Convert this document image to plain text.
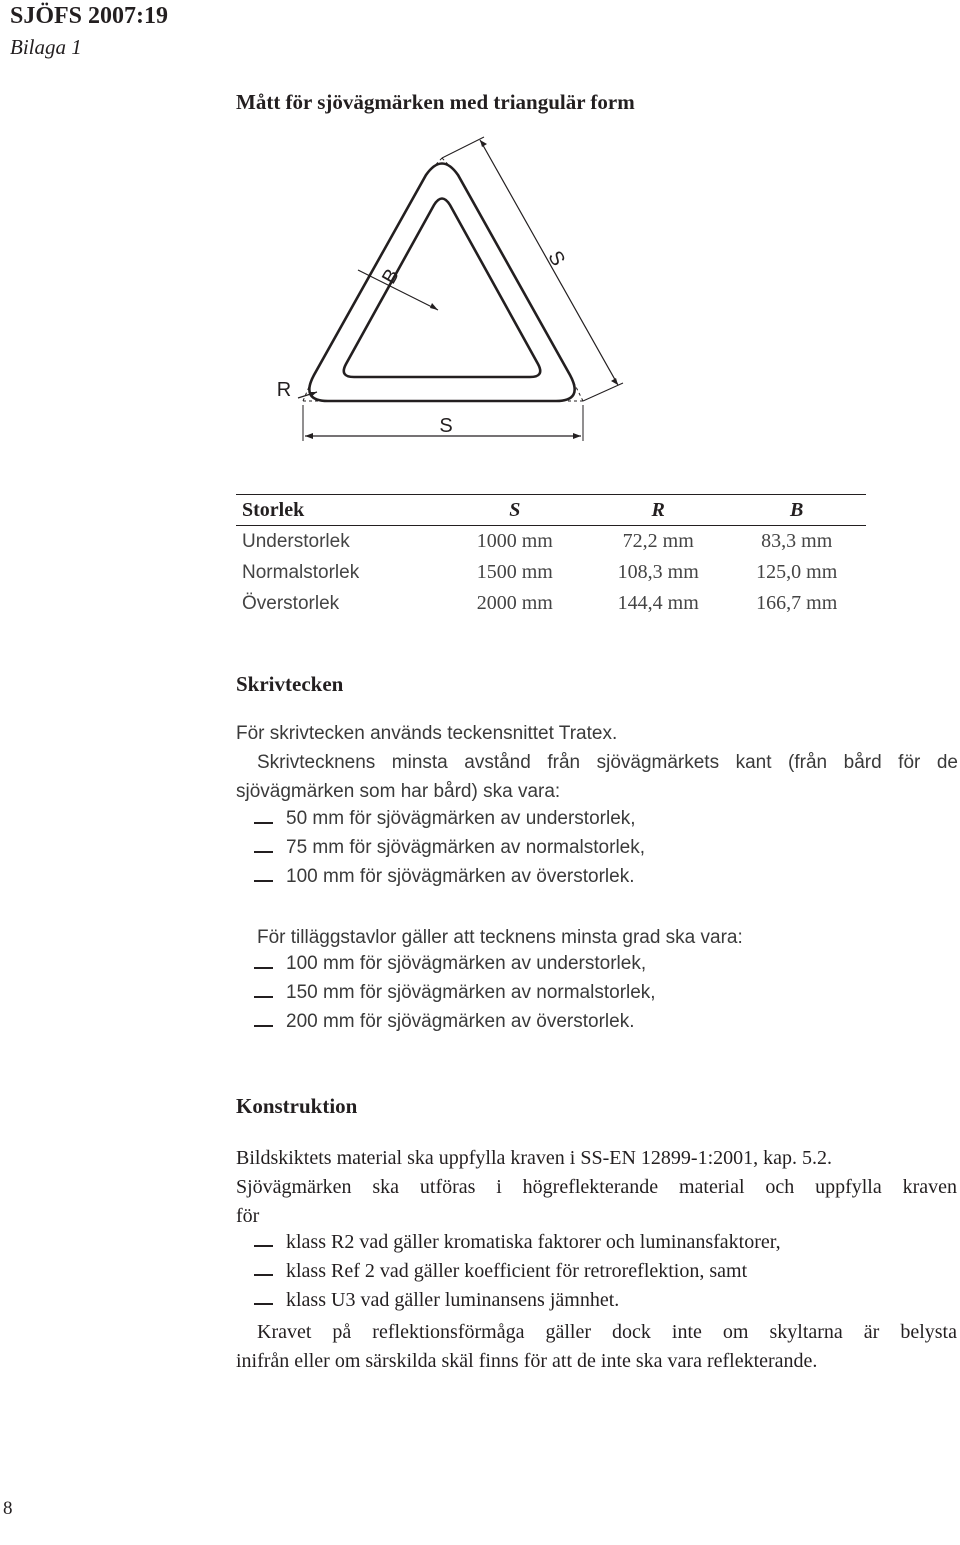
SJÖFS 2007:19
Bilaga 1
Mått för sjövägmärken med triangulär form
S
B
R
S
Storlek	S	R	B
Understorlek	1000 mm	72,2 mm	83,3 mm
Normalstorlek	1500 mm	108,3 mm	125,0 mm
Överstorlek	2000 mm	144,4 mm	166,7 mm
Skrivtecken
För skrivtecken används teckensnittet Tratex.
Skrivtecknens minsta avstånd från sjövägmärkets kant (från bård för de
sjövägmärken som har bård) ska vara:
50 mm för sjövägmärken av understorlek,
75 mm för sjövägmärken av normalstorlek,
100 mm för sjövägmärken av överstorlek.
För tilläggstavlor gäller att tecknens minsta grad ska vara:
100 mm för sjövägmärken av understorlek,
150 mm för sjövägmärken av normalstorlek,
200 mm för sjövägmärken av överstorlek.
Konstruktion
Bildskiktets material ska uppfylla kraven i SS-EN 12899-1:2001, kap. 5.2.
Sjövägmärken ska utföras i högreflekterande material och uppfylla kraven
för
klass R2 vad gäller kromatiska faktorer och luminansfaktorer,
klass Ref 2 vad gäller koefficient för retroreflektion, samt
klass U3 vad gäller luminansens jämnhet.
Kravet på reflektionsförmåga gäller dock inte om skyltarna är belysta
inifrån eller om särskilda skäl finns för att de inte ska vara reflekterande.
8
